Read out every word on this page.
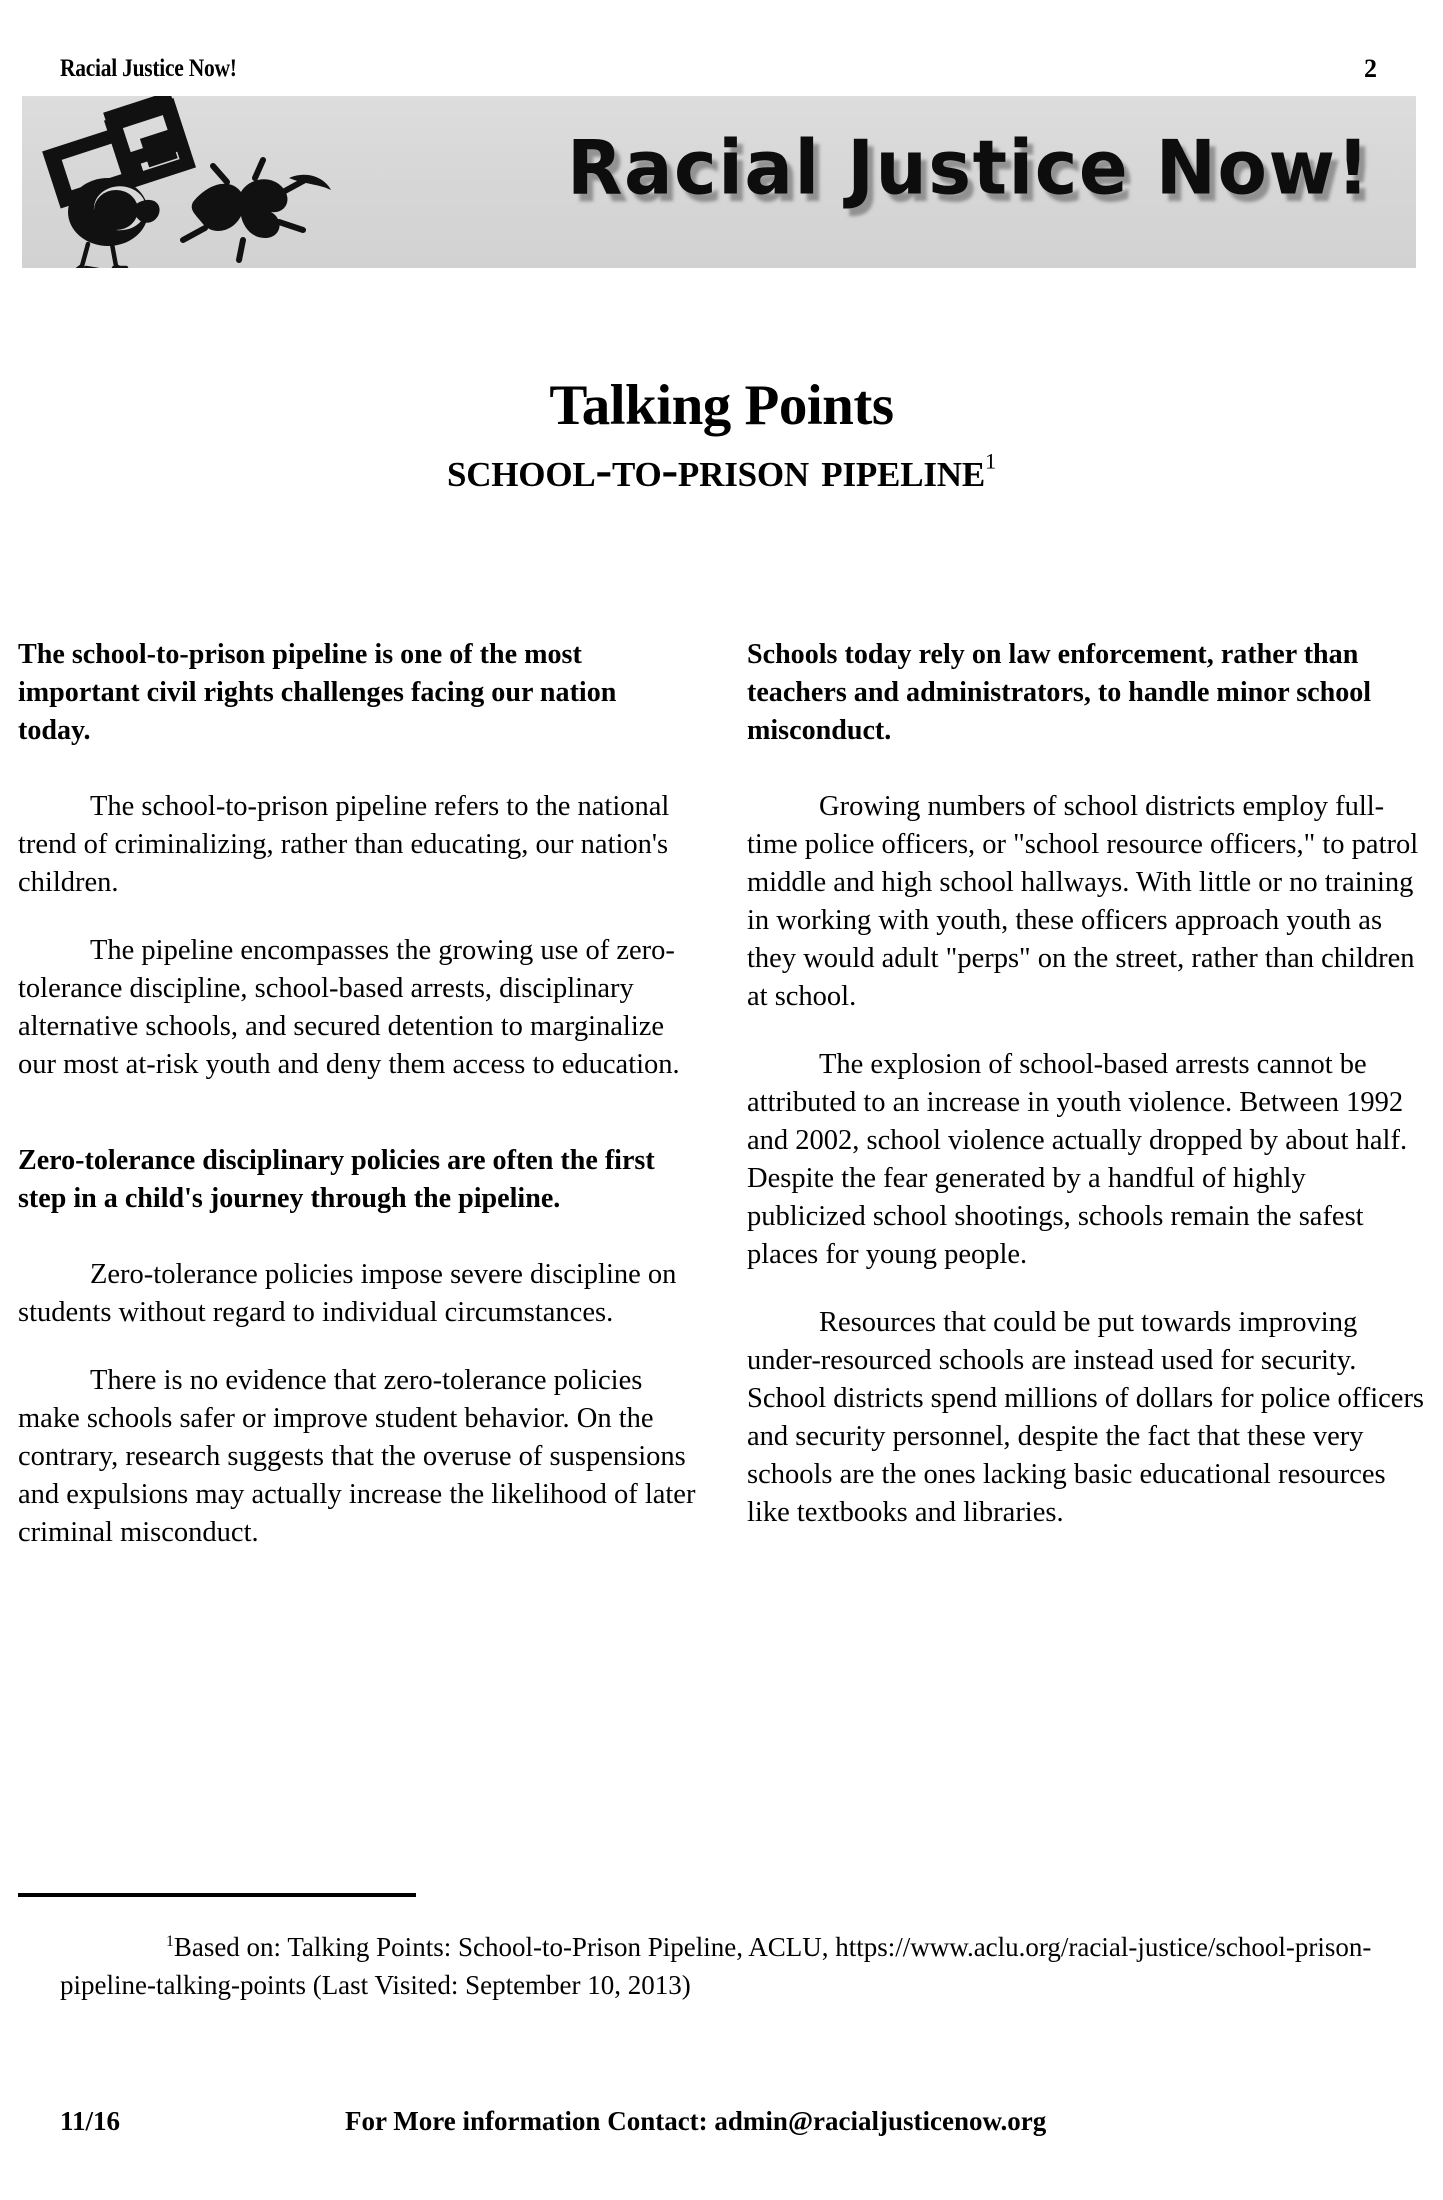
Racial Justice Now!	2
Racial Justice Now!
Talking Points
school-to-prison pipeline$^1$

The school-to-prison pipeline is one of the most important civil rights challenges facing our nation today.

The school-to-prison pipeline refers to the national trend of criminalizing, rather than educating, our nation's children.

The pipeline encompasses the growing use of zero-tolerance discipline, school-based arrests, disciplinary alternative schools, and secured detention to marginalize our most at-risk youth and deny them access to education.

Zero-tolerance disciplinary policies are often the first step in a child's journey through the pipeline.

Zero-tolerance policies impose severe discipline on students without regard to individual circumstances.

There is no evidence that zero-tolerance policies make schools safer or improve student behavior. On the contrary, research suggests that the overuse of suspensions and expulsions may actually increase the likelihood of later criminal misconduct.

Schools today rely on law enforcement, rather than teachers and administrators, to handle minor school misconduct.

Growing numbers of school districts employ full-time police officers, or "school resource officers," to patrol middle and high school hallways. With little or no training in working with youth, these officers approach youth as they would adult "perps" on the street, rather than children at school.

The explosion of school-based arrests cannot be attributed to an increase in youth violence. Between 1992 and 2002, school violence actually dropped by about half. Despite the fear generated by a handful of highly publicized school shootings, schools remain the safest places for young people.

Resources that could be put towards improving under-resourced schools are instead used for security. School districts spend millions of dollars for police officers and security personnel, despite the fact that these very schools are the ones lacking basic educational resources like textbooks and libraries.

$^1$Based on: Talking Points: School-to-Prison Pipeline, ACLU, https://www.aclu.org/racial-justice/school-prison-pipeline-talking-points (Last Visited: September 10, 2013)
11/16	For More information Contact: admin@racialjusticenow.org
